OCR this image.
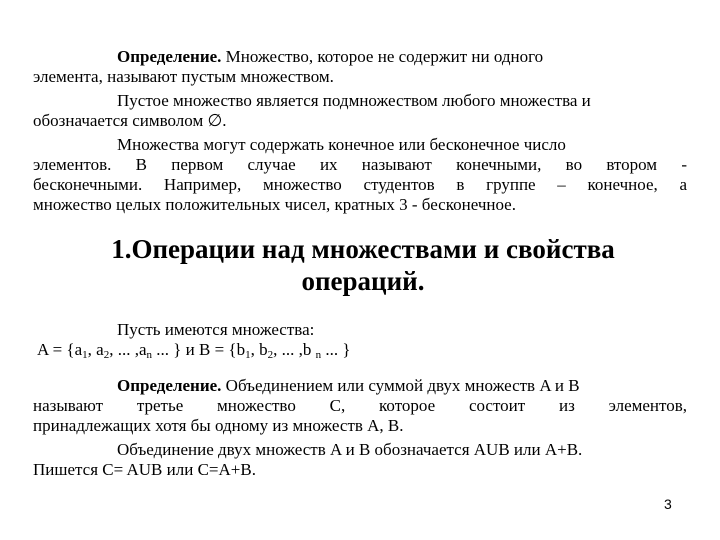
Определение. Множество, которое не содержит ни одного
элемента, называют пустым множеством.
Пустое множество является подмножеством любого множества и
обозначается символом ∅.
Множества могут содержать конечное или бесконечное число
элементов. В первом случае их называют конечными, во втором -
бесконечными. Например, множество студентов в группе – конечное, а
множество целых положительных чисел, кратных 3 - бесконечное.
1.Операции над множествами и свойства
операций.
Пусть имеются множества:
$A = \{a_1$, $a_2$, ... $,a_n$ ... } и $B = \{b_1$, $b_2$, ... ,b $_n$ ... }
Определение. Объединением или суммой двух множеств A и B
называют третье множество C, которое состоит из элементов,
принадлежащих хотя бы одному из множеств A, B.
Объединение двух множеств A и B обозначается AUB или A+B.
Пишется C= AUB или C=A+B.
3
